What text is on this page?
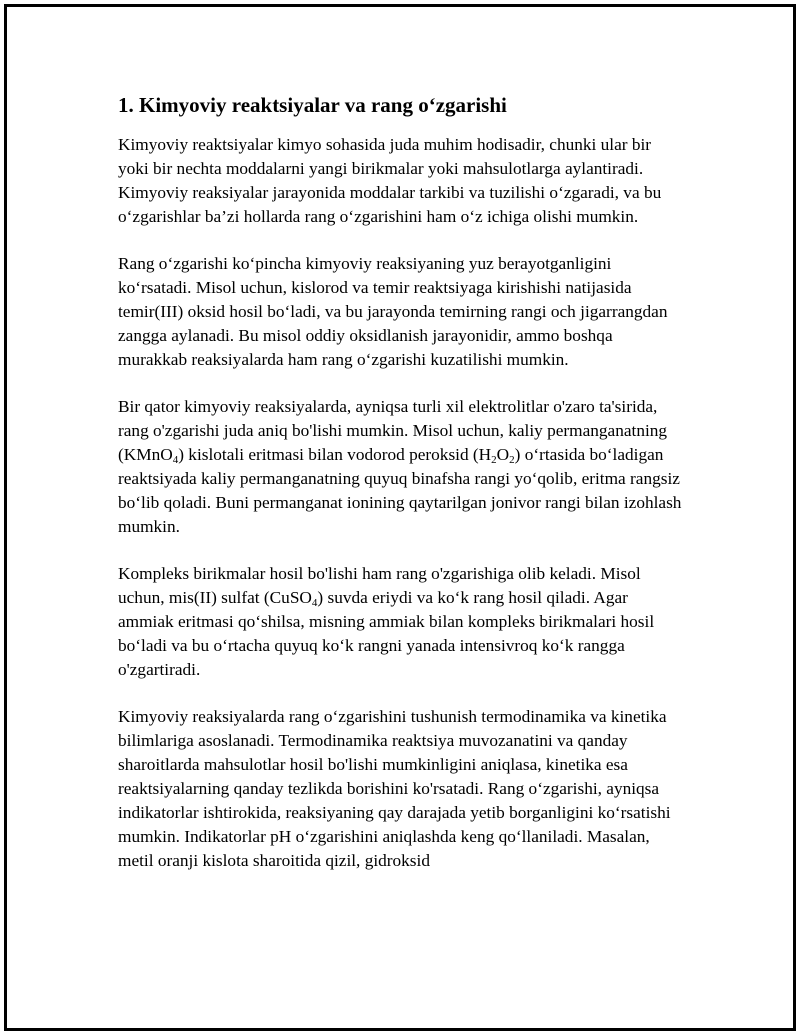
1. Kimyoviy reaktsiyalar va rang o‘zgarishi

Kimyoviy reaktsiyalar kimyo sohasida juda muhim hodisadir, chunki ular bir yoki bir nechta moddalarni yangi birikmalar yoki mahsulotlarga aylantiradi. Kimyoviy reaksiyalar jarayonida moddalar tarkibi va tuzilishi o‘zgaradi, va bu o‘zgarishlar ba’zi hollarda rang o‘zgarishini ham o‘z ichiga olishi mumkin.

Rang o‘zgarishi ko‘pincha kimyoviy reaksiyaning yuz berayotganligini ko‘rsatadi. Misol uchun, kislorod va temir reaktsiyaga kirishishi natijasida temir(III) oksid hosil bo‘ladi, va bu jarayonda temirning rangi och jigarrangdan zangga aylanadi. Bu misol oddiy oksidlanish jarayonidir, ammo boshqa murakkab reaksiyalarda ham rang o‘zgarishi kuzatilishi mumkin.

Bir qator kimyoviy reaksiyalarda, ayniqsa turli xil elektrolitlar o'zaro ta'sirida, rang o'zgarishi juda aniq bo'lishi mumkin. Misol uchun, kaliy permanganatning (KMnO$_4$) kislotali eritmasi bilan vodorod peroksid $(H_2O_2)$ o‘rtasida bo‘ladigan reaktsiyada kaliy permanganatning quyuq binafsha rangi yo‘qolib, eritma rangsiz bo‘lib qoladi. Buni permanganat ionining qaytarilgan jonivor rangi bilan izohlash mumkin.

Kompleks birikmalar hosil bo'lishi ham rang o'zgarishiga olib keladi. Misol uchun, mis(II) sulfat (CuSO$_4$) suvda eriydi va ko‘k rang hosil qiladi. Agar ammiak eritmasi qo‘shilsa, misning ammiak bilan kompleks birikmalari hosil bo‘ladi va bu o‘rtacha quyuq ko‘k rangni yanada intensivroq ko‘k rangga o'zgartiradi.

Kimyoviy reaksiyalarda rang o‘zgarishini tushunish termodinamika va kinetika bilimlariga asoslanadi. Termodinamika reaktsiya muvozanatini va qanday sharoitlarda mahsulotlar hosil bo'lishi mumkinligini aniqlasa, kinetika esa reaktsiyalarning qanday tezlikda borishini ko'rsatadi. Rang o‘zgarishi, ayniqsa indikatorlar ishtirokida, reaksiyaning qay darajada yetib borganligini ko‘rsatishi mumkin. Indikatorlar pH o‘zgarishini aniqlashda keng qo‘llaniladi. Masalan, metil oranji kislota sharoitida qizil, gidroksid
